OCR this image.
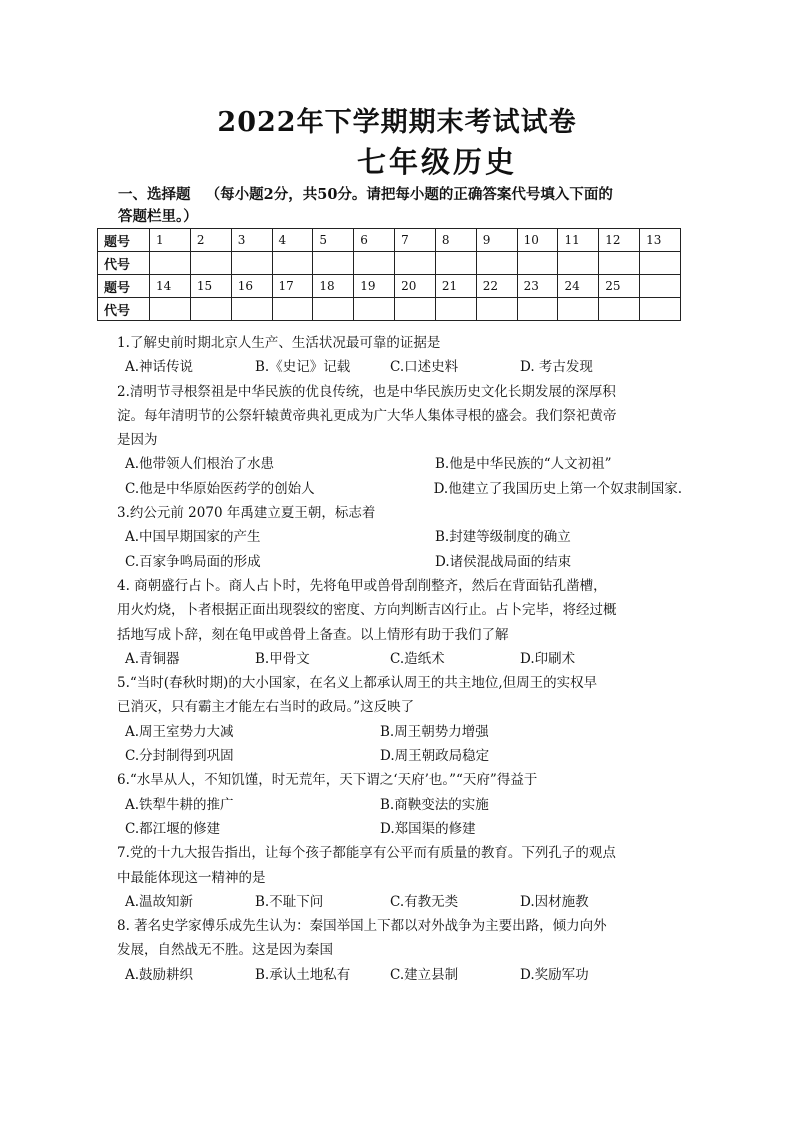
2022年下学期期末考试试卷
七年级历史
一、选择题 （每小题2分，共50分。请把每小题的正确答案代号填入下面的
答题栏里。）
题号	1	2	3	4	5	6	7	8	9	10	11	12	13
代号													
题号	14	15	16	17	18	19	20	21	22	23	24	25	
代号													
1.了解史前时期北京人生产、生活状况最可靠的证据是
A.神话传说	B.《史记》记载	C.口述史料	D. 考古发现
2.清明节寻根祭祖是中华民族的优良传统，也是中华民族历史文化长期发展的深厚积
淀。每年清明节的公祭轩辕黄帝典礼更成为广大华人集体寻根的盛会。我们祭祀黄帝
是因为
A.他带领人们根治了水患	B.他是中华民族的“人文初祖”
C.他是中华原始医药学的创始人	D.他建立了我国历史上第一个奴隶制国家.
3.约公元前 2070 年禹建立夏王朝，标志着
A.中国早期国家的产生	B.封建等级制度的确立
C.百家争鸣局面的形成	D.诸侯混战局面的结束
4. 商朝盛行占卜。商人占卜时，先将龟甲或兽骨刮削整齐，然后在背面钻孔凿槽，
用火灼烧，卜者根据正面出现裂纹的密度、方向判断吉凶行止。占卜完毕，将经过概
括地写成卜辞，刻在龟甲或兽骨上备查。以上情形有助于我们了解
A.青铜器	B.甲骨文	C.造纸术	D.印刷术
5.“当时(春秋时期)的大小国家，在名义上都承认周王的共主地位,但周王的实权早
已消灭，只有霸主才能左右当时的政局。”这反映了
A.周王室势力大减	B.周王朝势力增强
C.分封制得到巩固	D.周王朝政局稳定
6.“水旱从人，不知饥馑，时无荒年，天下谓之‘天府’也。”“天府”得益于
A.铁犁牛耕的推广	B.商鞅变法的实施
C.都江堰的修建	D.郑国渠的修建
7.党的十九大报告指出，让每个孩子都能享有公平而有质量的教育。下列孔子的观点
中最能体现这一精神的是
A.温故知新	B.不耻下问	C.有教无类	D.因材施教
8. 著名史学家傅乐成先生认为：秦国举国上下都以对外战争为主要出路，倾力向外
发展，自然战无不胜。这是因为秦国
A.鼓励耕织	B.承认土地私有	C.建立县制	D.奖励军功
